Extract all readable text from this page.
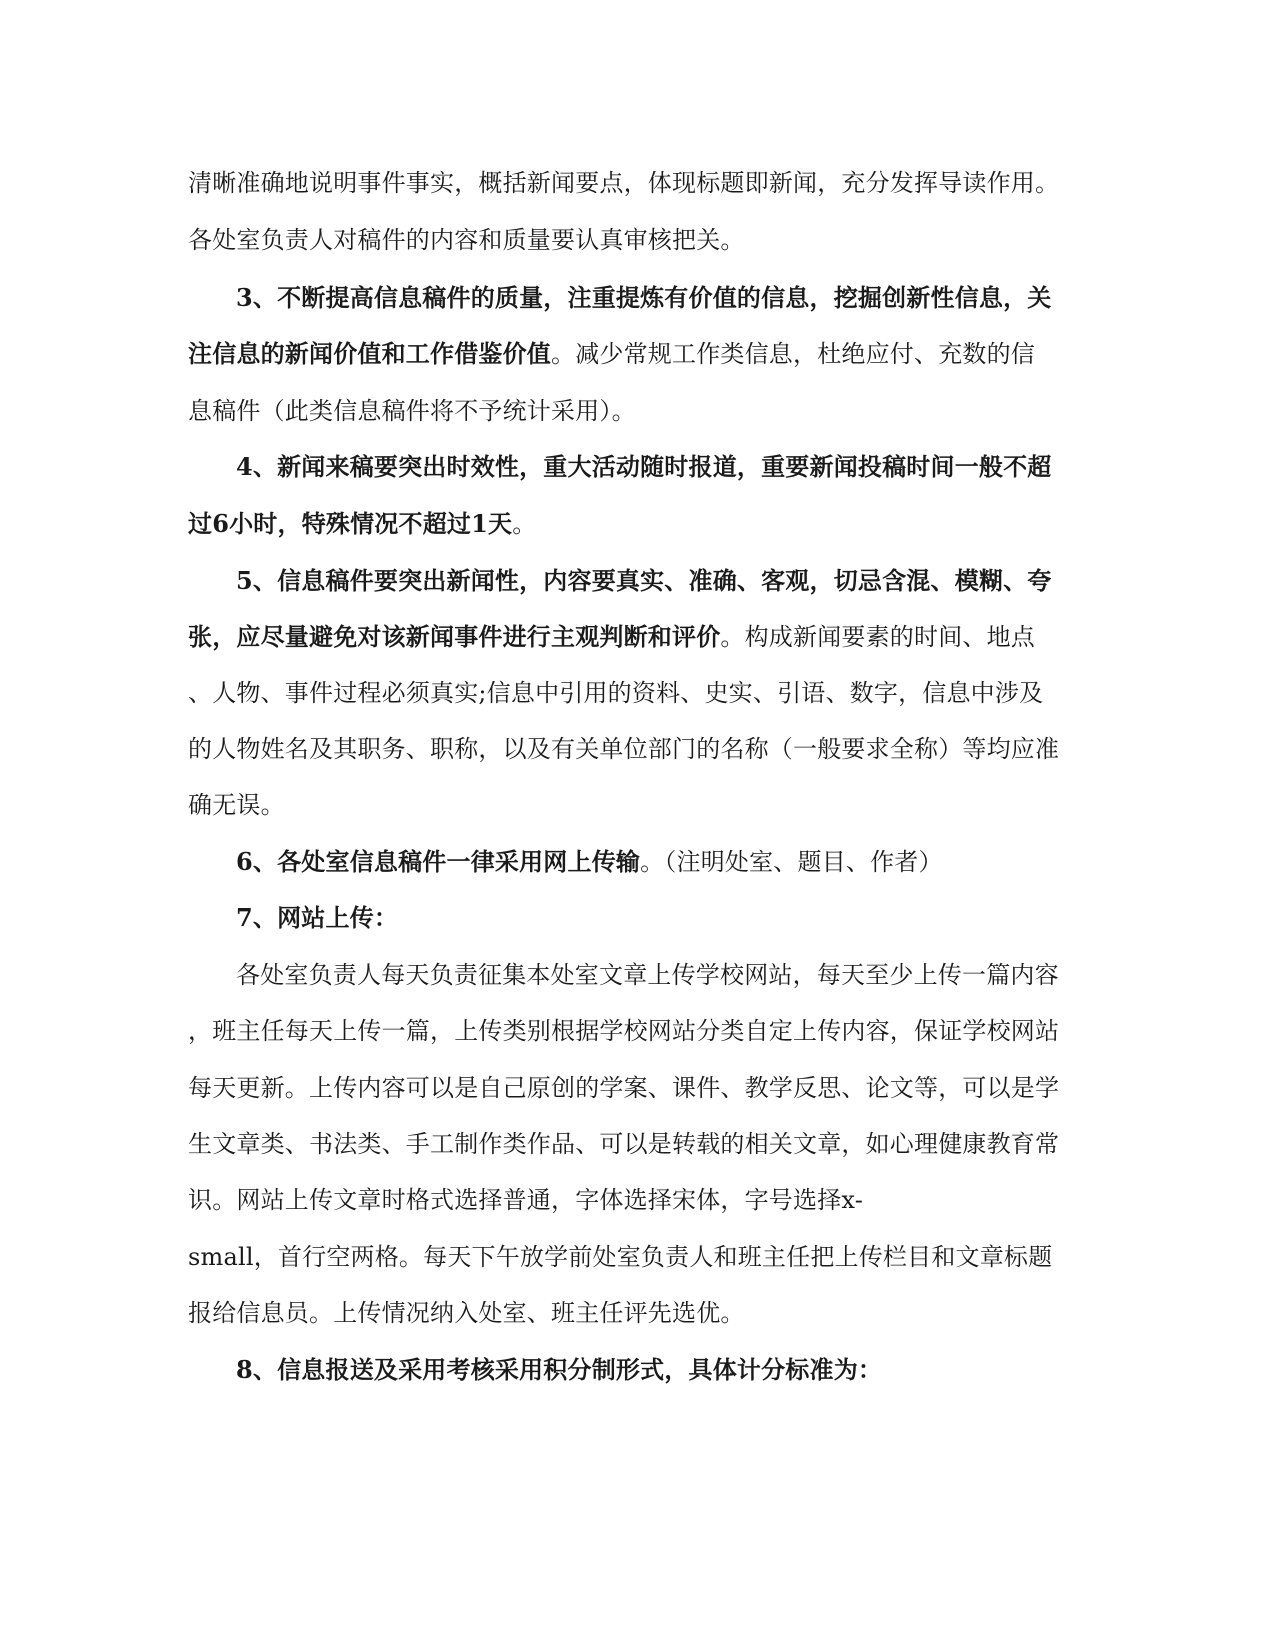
清晰准确地说明事件事实，概括新闻要点，体现标题即新闻，充分发挥导读作用。
各处室负责人对稿件的内容和质量要认真审核把关。
3、不断提高信息稿件的质量，注重提炼有价值的信息，挖掘创新性信息，关
注信息的新闻价值和工作借鉴价值。减少常规工作类信息，杜绝应付、充数的信
息稿件（此类信息稿件将不予统计采用）。
4、新闻来稿要突出时效性，重大活动随时报道，重要新闻投稿时间一般不超
过6小时，特殊情况不超过1天。
5、信息稿件要突出新闻性，内容要真实、准确、客观，切忌含混、模糊、夸
张，应尽量避免对该新闻事件进行主观判断和评价。构成新闻要素的时间、地点
、人物、事件过程必须真实;信息中引用的资料、史实、引语、数字，信息中涉及
的人物姓名及其职务、职称，以及有关单位部门的名称（一般要求全称）等均应准
确无误。
6、各处室信息稿件一律采用网上传输。（注明处室、题目、作者）
7、网站上传：
各处室负责人每天负责征集本处室文章上传学校网站，每天至少上传一篇内容
，班主任每天上传一篇，上传类别根据学校网站分类自定上传内容，保证学校网站
每天更新。上传内容可以是自己原创的学案、课件、教学反思、论文等，可以是学
生文章类、书法类、手工制作类作品、可以是转载的相关文章，如心理健康教育常
识。网站上传文章时格式选择普通，字体选择宋体，字号选择x-
small，首行空两格。每天下午放学前处室负责人和班主任把上传栏目和文章标题
报给信息员。上传情况纳入处室、班主任评先选优。
8、信息报送及采用考核采用积分制形式，具体计分标准为：
